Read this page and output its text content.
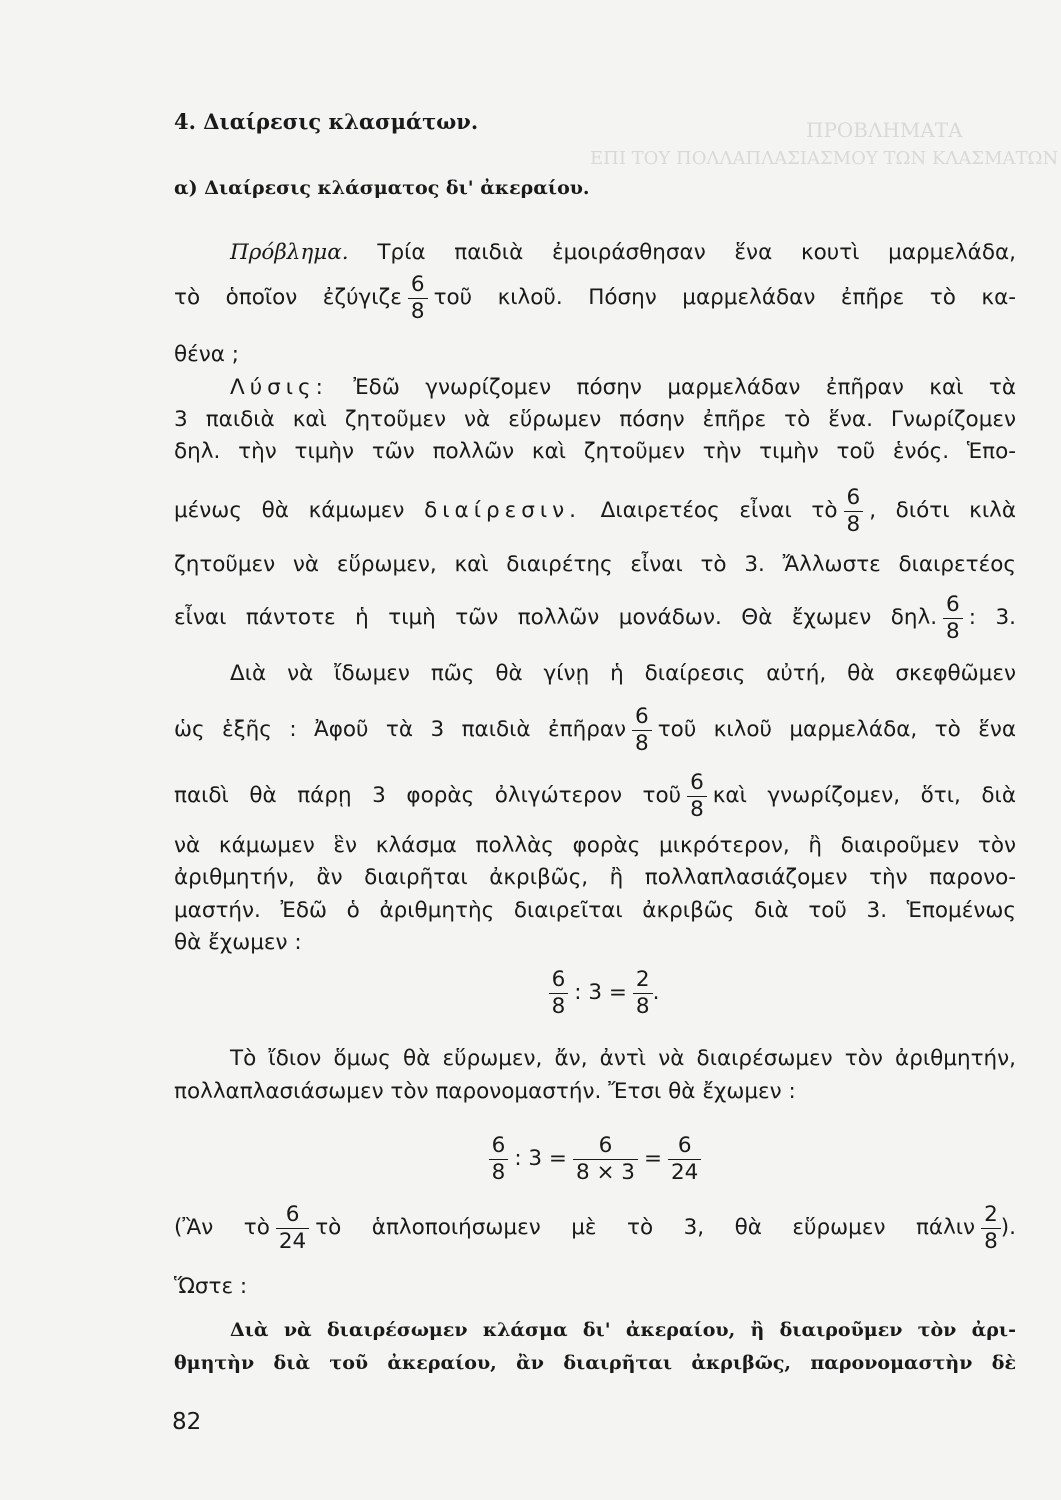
ΠΡΟΒΛΗΜΑΤΑ
ΕΠΙ ΤΟΥ ΠΟΛΛΑΠΛΑΣΙΑΣΜΟΥ ΤΩΝ ΚΛΑΣΜΑΤΩΝ
4. Διαίρεσις κλασμάτων.
α) Διαίρεσις κλάσματος δι' ἀκεραίου.
Πρόβλημα. Τρία παιδιὰ ἐμοιράσθησαν ἕνα κουτὶ μαρμελάδα,
τὸ ὁποῖον ἐζύγιζε $\frac{6}{8}$ τοῦ κιλοῦ. Πόσην μαρμελάδαν ἐπῆρε τὸ κα-
θένα ;
Λύσις: Ἐδῶ γνωρίζομεν πόσην μαρμελάδαν ἐπῆραν καὶ τὰ
3 παιδιὰ καὶ ζητοῦμεν νὰ εὕρωμεν πόσην ἐπῆρε τὸ ἕνα. Γνωρίζομεν
δηλ. τὴν τιμὴν τῶν πολλῶν καὶ ζητοῦμεν τὴν τιμὴν τοῦ ἑνός. Ἑπο-
μένως θὰ κάμωμεν διαίρεσιν. Διαιρετέος εἶναι τὸ $\frac{6}{8}$ , διότι κιλὰ
ζητοῦμεν νὰ εὕρωμεν, καὶ διαιρέτης εἶναι τὸ 3. Ἄλλωστε διαιρετέος
εἶναι πάντοτε ἡ τιμὴ τῶν πολλῶν μονάδων. Θὰ ἔχωμεν δηλ. $\frac{6}{8}$ : 3.
Διὰ νὰ ἴδωμεν πῶς θὰ γίνῃ ἡ διαίρεσις αὐτή, θὰ σκεφθῶμεν
ὡς ἑξῆς : Ἀφοῦ τὰ 3 παιδιὰ ἐπῆραν $\frac{6}{8}$ τοῦ κιλοῦ μαρμελάδα, τὸ ἕνα
παιδὶ θὰ πάρῃ 3 φορὰς ὀλιγώτερον τοῦ $\frac{6}{8}$ καὶ γνωρίζομεν, ὅτι, διὰ
νὰ κάμωμεν ἓν κλάσμα πολλὰς φορὰς μικρότερον, ἢ διαιροῦμεν τὸν
ἀριθμητήν, ἂν διαιρῆται ἀκριβῶς, ἢ πολλαπλασιάζομεν τὴν παρονο-
μαστήν. Ἐδῶ ὁ ἀριθμητὴς διαιρεῖται ἀκριβῶς διὰ τοῦ 3. Ἑπομένως
θὰ ἔχωμεν :
$\frac{6}{8}$ : $3 = \frac{2}{8}$ .
Τὸ ἴδιον ὅμως θὰ εὕρωμεν, ἄν, ἀντὶ νὰ διαιρέσωμεν τὸν ἀριθμητήν,
πολλαπλασιάσωμεν τὸν παρονομαστήν. Ἔτσι θὰ ἔχωμεν :
$\frac{6}{8}$ : $3 = \frac{6}{8 \times 3} = \frac{6}{24}$
(Ἂν τὸ $\frac{6}{24}$ τὸ ἁπλοποιήσωμεν μὲ τὸ 3, θὰ εὕρωμεν πάλιν $\frac{2}{8}$ ).
Ὥστε :
Διὰ νὰ διαιρέσωμεν κλάσμα δι' ἀκεραίου, ἢ διαιροῦμεν τὸν ἀρι-
θμητὴν διὰ τοῦ ἀκεραίου, ἂν διαιρῆται ἀκριβῶς, παρονομαστὴν δὲ
82
